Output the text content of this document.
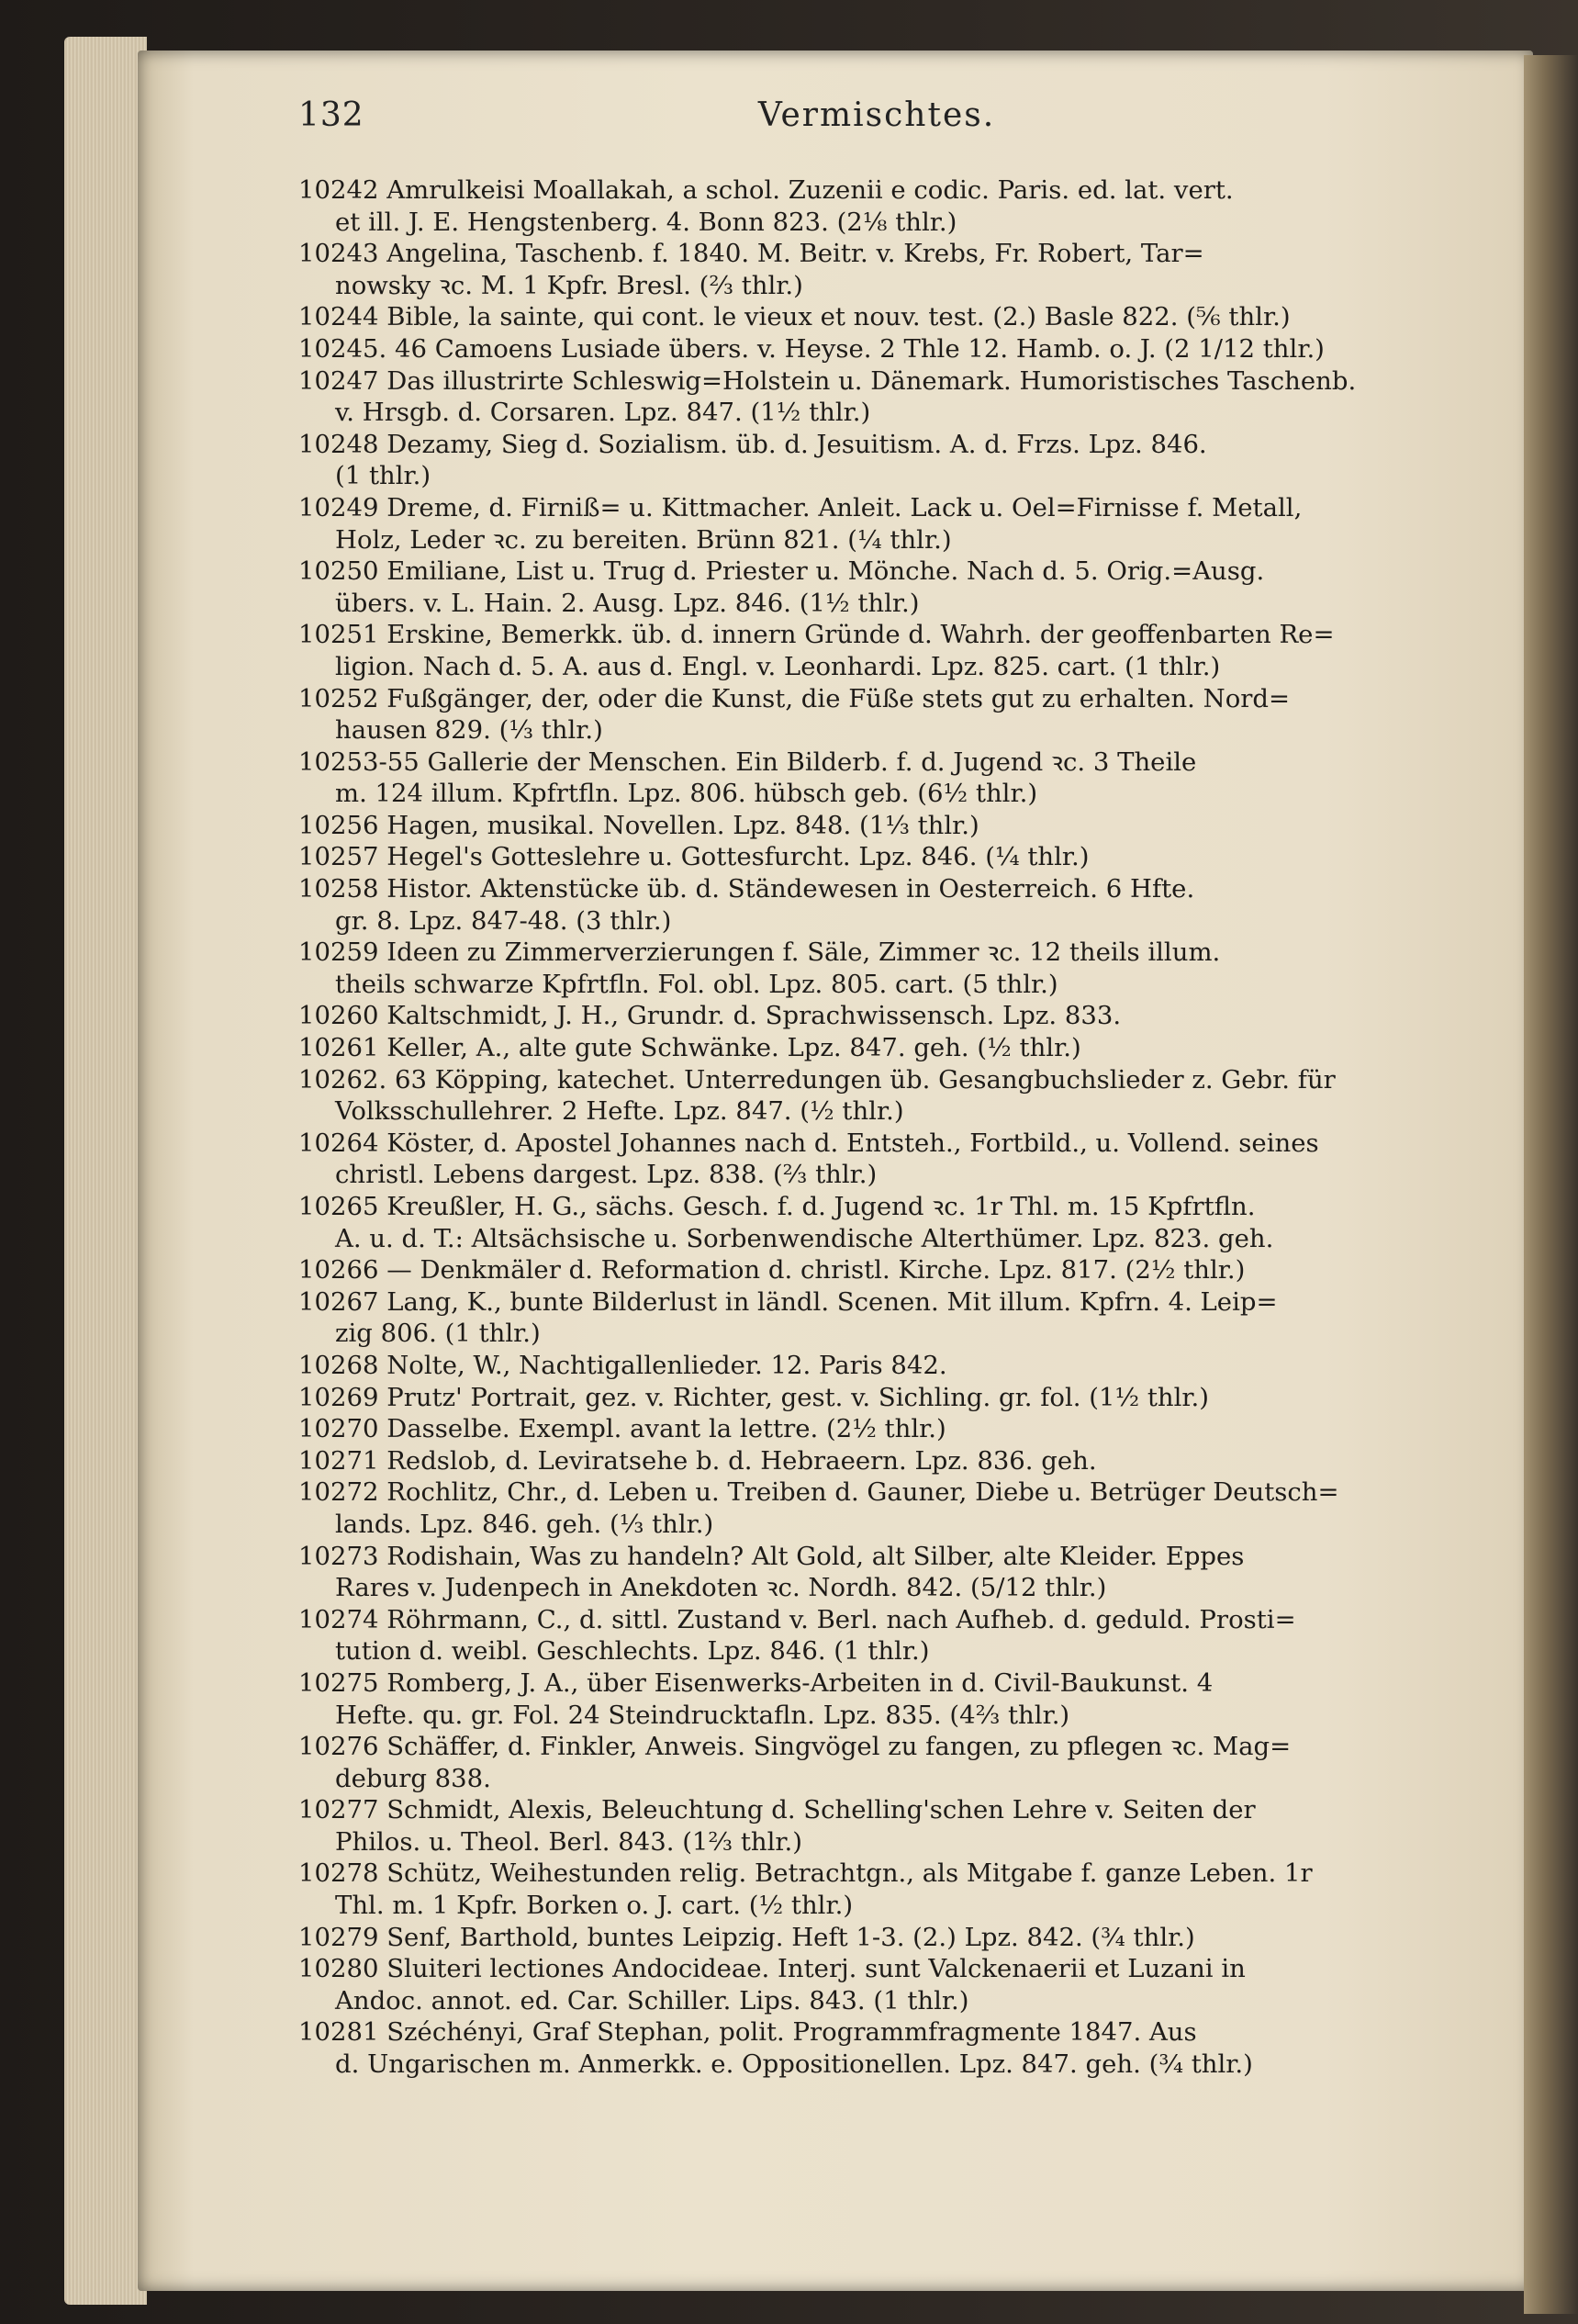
132	Vermischtes.
10242 Amrulkeisi Moallakah, a schol. Zuzenii e codic. Paris. ed. lat. vert.
et ill. J. E. Hengstenberg. 4. Bonn 823. (2⅛ thlr.)
10243 Angelina, Taschenb. f. 1840. M. Beitr. v. Krebs, Fr. Robert, Tar=
nowsky ꝛc. M. 1 Kpfr. Bresl. (⅔ thlr.)
10244 Bible, la sainte, qui cont. le vieux et nouv. test. (2.) Basle 822. (⅚ thlr.)
10245. 46 Camoens Lusiade übers. v. Heyse. 2 Thle 12. Hamb. o. J. (2 1/12 thlr.)
10247 Das illustrirte Schleswig=Holstein u. Dänemark. Humoristisches Taschenb.
v. Hrsgb. d. Corsaren. Lpz. 847. (1½ thlr.)
10248 Dezamy, Sieg d. Sozialism. üb. d. Jesuitism. A. d. Frzs. Lpz. 846.
(1 thlr.)
10249 Dreme, d. Firniß= u. Kittmacher. Anleit. Lack u. Oel=Firnisse f. Metall,
Holz, Leder ꝛc. zu bereiten. Brünn 821. (¼ thlr.)
10250 Emiliane, List u. Trug d. Priester u. Mönche. Nach d. 5. Orig.=Ausg.
übers. v. L. Hain. 2. Ausg. Lpz. 846. (1½ thlr.)
10251 Erskine, Bemerkk. üb. d. innern Gründe d. Wahrh. der geoffenbarten Re=
ligion. Nach d. 5. A. aus d. Engl. v. Leonhardi. Lpz. 825. cart. (1 thlr.)
10252 Fußgänger, der, oder die Kunst, die Füße stets gut zu erhalten. Nord=
hausen 829. (⅓ thlr.)
10253-55 Gallerie der Menschen. Ein Bilderb. f. d. Jugend ꝛc. 3 Theile
m. 124 illum. Kpfrtfln. Lpz. 806. hübsch geb. (6½ thlr.)
10256 Hagen, musikal. Novellen. Lpz. 848. (1⅓ thlr.)
10257 Hegel's Gotteslehre u. Gottesfurcht. Lpz. 846. (¼ thlr.)
10258 Histor. Aktenstücke üb. d. Ständewesen in Oesterreich. 6 Hfte.
gr. 8. Lpz. 847-48. (3 thlr.)
10259 Ideen zu Zimmerverzierungen f. Säle, Zimmer ꝛc. 12 theils illum.
theils schwarze Kpfrtfln. Fol. obl. Lpz. 805. cart. (5 thlr.)
10260 Kaltschmidt, J. H., Grundr. d. Sprachwissensch. Lpz. 833.
10261 Keller, A., alte gute Schwänke. Lpz. 847. geh. (½ thlr.)
10262. 63 Köpping, katechet. Unterredungen üb. Gesangbuchslieder z. Gebr. für
Volksschullehrer. 2 Hefte. Lpz. 847. (½ thlr.)
10264 Köster, d. Apostel Johannes nach d. Entsteh., Fortbild., u. Vollend. seines
christl. Lebens dargest. Lpz. 838. (⅔ thlr.)
10265 Kreußler, H. G., sächs. Gesch. f. d. Jugend ꝛc. 1r Thl. m. 15 Kpfrtfln.
A. u. d. T.: Altsächsische u. Sorbenwendische Alterthümer. Lpz. 823. geh.
10266 — Denkmäler d. Reformation d. christl. Kirche. Lpz. 817. (2½ thlr.)
10267 Lang, K., bunte Bilderlust in ländl. Scenen. Mit illum. Kpfrn. 4. Leip=
zig 806. (1 thlr.)
10268 Nolte, W., Nachtigallenlieder. 12. Paris 842.
10269 Prutz' Portrait, gez. v. Richter, gest. v. Sichling. gr. fol. (1½ thlr.)
10270 Dasselbe. Exempl. avant la lettre. (2½ thlr.)
10271 Redslob, d. Leviratsehe b. d. Hebraeern. Lpz. 836. geh.
10272 Rochlitz, Chr., d. Leben u. Treiben d. Gauner, Diebe u. Betrüger Deutsch=
lands. Lpz. 846. geh. (⅓ thlr.)
10273 Rodishain, Was zu handeln? Alt Gold, alt Silber, alte Kleider. Eppes
Rares v. Judenpech in Anekdoten ꝛc. Nordh. 842. (5/12 thlr.)
10274 Röhrmann, C., d. sittl. Zustand v. Berl. nach Aufheb. d. geduld. Prosti=
tution d. weibl. Geschlechts. Lpz. 846. (1 thlr.)
10275 Romberg, J. A., über Eisenwerks-Arbeiten in d. Civil-Baukunst. 4
Hefte. qu. gr. Fol. 24 Steindrucktafln. Lpz. 835. (4⅔ thlr.)
10276 Schäffer, d. Finkler, Anweis. Singvögel zu fangen, zu pflegen ꝛc. Mag=
deburg 838.
10277 Schmidt, Alexis, Beleuchtung d. Schelling'schen Lehre v. Seiten der
Philos. u. Theol. Berl. 843. (1⅔ thlr.)
10278 Schütz, Weihestunden relig. Betrachtgn., als Mitgabe f. ganze Leben. 1r
Thl. m. 1 Kpfr. Borken o. J. cart. (½ thlr.)
10279 Senf, Barthold, buntes Leipzig. Heft 1-3. (2.) Lpz. 842. (¾ thlr.)
10280 Sluiteri lectiones Andocideae. Interj. sunt Valckenaerii et Luzani in
Andoc. annot. ed. Car. Schiller. Lips. 843. (1 thlr.)
10281 Széchényi, Graf Stephan, polit. Programmfragmente 1847. Aus
d. Ungarischen m. Anmerkk. e. Oppositionellen. Lpz. 847. geh. (¾ thlr.)
